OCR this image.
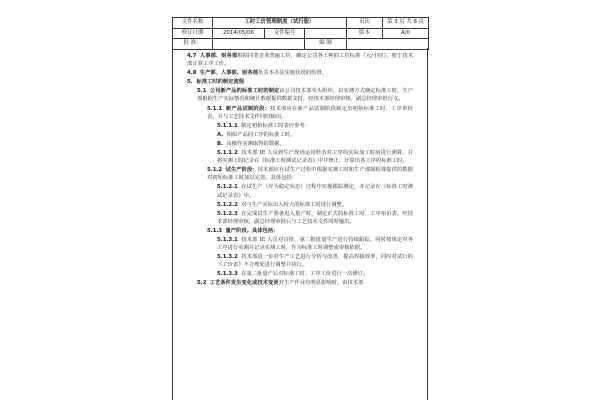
文件名称	工时工价管理制度（试行版）			页次	第 3 页 共 6 页
修订日期	2014/05/06	文件编号		版本	A/0
批 准：			编 制		
4.7 人事部、财务部根据同类企业普遍工价，确定公司各工种的工价标准（元/小时），便于技术部计算工序工价。
4.8 生产部、人事部、财务部负责本办法实施状况的监督。
5. 标准工时的制定流程
5.1 公司新产品的标准工时的制定由公司技术部牵头组织，以实测方式确定标准工时，生产部根据生产实际情况和统计数据提供数据支持，经技术部经理审核，副总经理审批行文。
5.1.1 新产品试制阶段：技术部应在新产品试制阶段制定出初始标准工时、工序单价表，并与工艺技术文件同时输出。
5.1.1.1 制定初始标准工时表应参考：
A. 相似产品同工序的标准工时。
B. 由操作实测取得的数据。
5.1.1.2 技术部 IE 人员到生产现场运用秒表对工序的实际加工时间进行测算，并将实测工时记录在《标准工时测试记录表》中并修正，计算出各工序的标准工时。
5.1.2 试生产阶段：技术部应在试生产过程中根据实测工时和生产部制程课提供的数据对初始标准工时加以完善，具体包括：
5.1.2.1 在试生产（应为稳定状态）过程中实施跟踪测定，并记录在《标准工时测试记录表》中。
5.1.2.2 对与生产实际出入较大的标准工时进行调整。
5.1.2.3 在完成试生产准备进入量产时，制定正式的标准工时、工序单价表，经技术部经理审核，副总经理审批后与工艺技术文件同时输出。
5.1.3 量产阶段。具体包括：
5.1.3.1 技术部 IE 人员对首批、第二批批量生产进行持续跟踪，同时按规定对各工序进行实测并记录实测工时，作为标准工时调整或审核依据。
5.1.3.2 技术部进一步对生产工艺进行分析与改善，提高焊接效率，同时对试行的《工价表》不合理处进行调整并执行。
5.1.3.3 在第二批量产后对标准工时、工序工价进行一次修订。
5.2 工艺条件发生变化或技术变更对生产作业有明显影响时，由技术部
